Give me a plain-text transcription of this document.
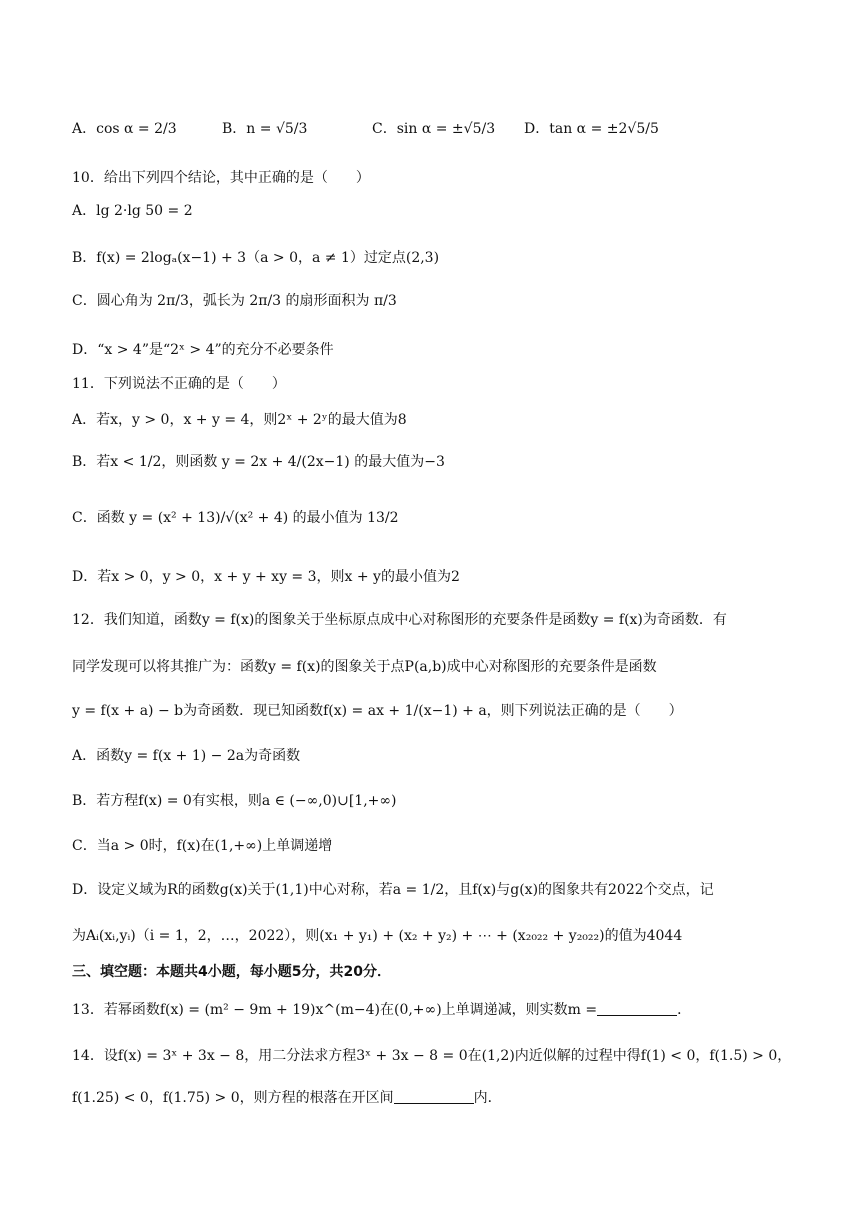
A．cos α = 2/3	B．n = √5/3	C．sin α = ±√5/3 D．tan α = ±2√5/5
10．给出下列四个结论，其中正确的是（　　）
A．lg 2·lg 50 = 2
B．f(x) = 2logₐ(x−1) + 3（a > 0，a ≠ 1）过定点(2,3)
C．圆心角为 2π/3，弧长为 2π/3 的扇形面积为 π/3
D．“x > 4”是“2ˣ > 4”的充分不必要条件
11．下列说法不正确的是（　　）
A．若x，y > 0，x + y = 4，则2ˣ + 2ʸ的最大值为8
B．若x < 1/2，则函数 y = 2x + 4/(2x−1) 的最大值为−3
C．函数 y = (x² + 13)/√(x² + 4) 的最小值为 13/2
D．若x > 0，y > 0，x + y + xy = 3，则x + y的最小值为2
12．我们知道，函数y = f(x)的图象关于坐标原点成中心对称图形的充要条件是函数y = f(x)为奇函数．有
同学发现可以将其推广为：函数y = f(x)的图象关于点P(a,b)成中心对称图形的充要条件是函数
y = f(x + a) − b为奇函数．现已知函数f(x) = ax + 1/(x−1) + a，则下列说法正确的是（　　）
A．函数y = f(x + 1) − 2a为奇函数
B．若方程f(x) = 0有实根，则a ∈ (−∞,0)∪[1,+∞)
C．当a > 0时，f(x)在(1,+∞)上单调递增
D．设定义域为R的函数g(x)关于(1,1)中心对称，若a = 1/2，且f(x)与g(x)的图象共有2022个交点，记
为Aᵢ(xᵢ,yᵢ)（i = 1，2，…，2022），则(x₁ + y₁) + (x₂ + y₂) + ⋯ + (x₂₀₂₂ + y₂₀₂₂)的值为4044
三、填空题：本题共4小题，每小题5分，共20分．
13．若幂函数f(x) = (m² − 9m + 19)x^(m−4)在(0,+∞)上单调递减，则实数m =	．
14．设f(x) = 3ˣ + 3x − 8，用二分法求方程3ˣ + 3x − 8 = 0在(1,2)内近似解的过程中得f(1) < 0，f(1.5) > 0，
f(1.25) < 0，f(1.75) > 0，则方程的根落在开区间	内．
